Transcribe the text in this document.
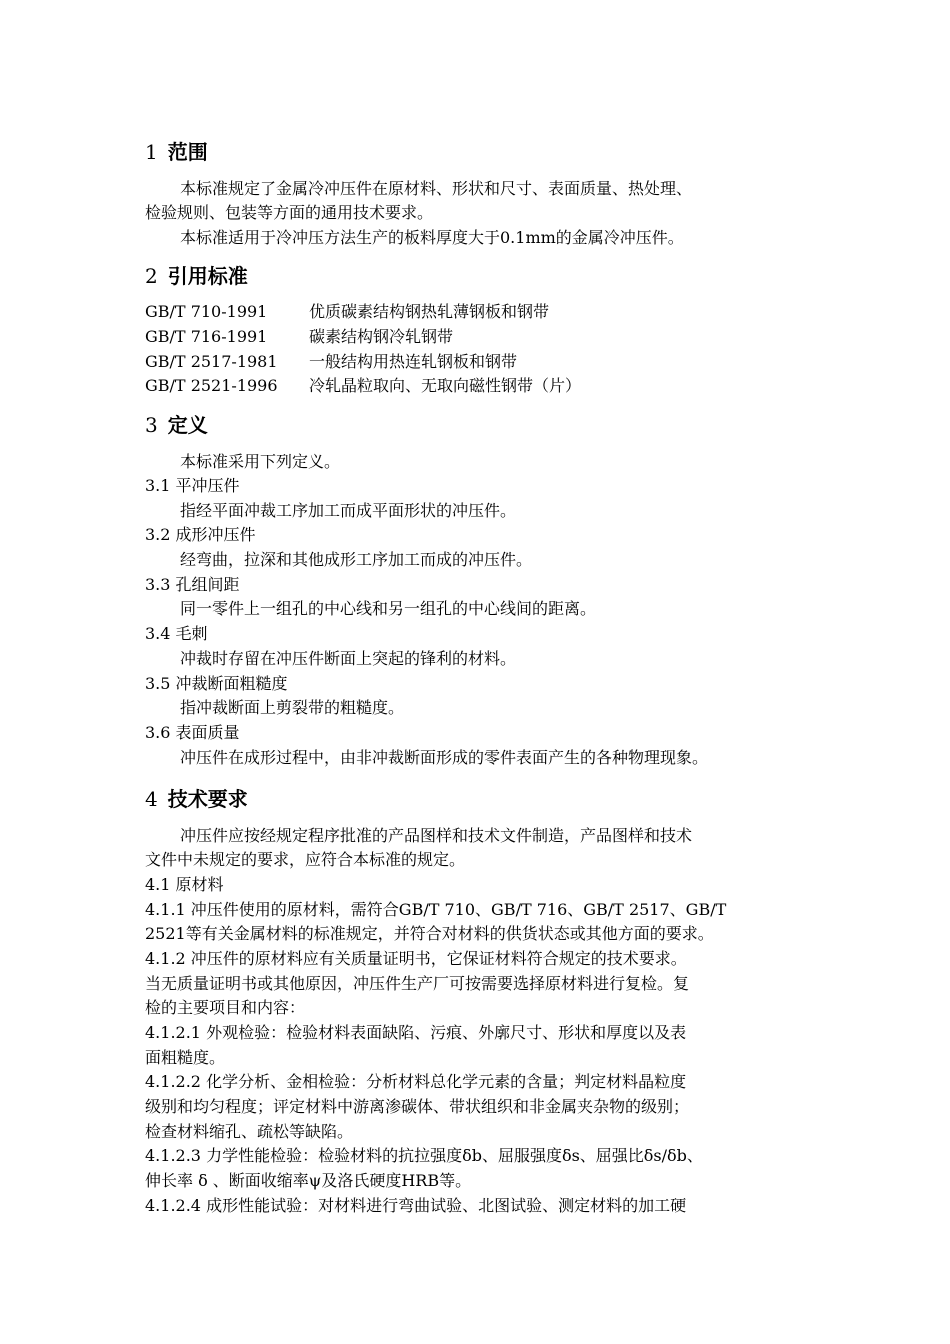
1 范围
本标准规定了金属冷冲压件在原材料、形状和尺寸、表面质量、热处理、
检验规则、包装等方面的通用技术要求。
本标准适用于冷冲压方法生产的板料厚度大于0.1mm的金属冷冲压件。
2 引用标准
GB/T 710-1991	优质碳素结构钢热轧薄钢板和钢带
GB/T 716-1991	碳素结构钢冷轧钢带
GB/T 2517-1981 一般结构用热连轧钢板和钢带
GB/T 2521-1996 冷轧晶粒取向、无取向磁性钢带（片）
3 定义
本标准采用下列定义。
3.1 平冲压件
指经平面冲裁工序加工而成平面形状的冲压件。
3.2 成形冲压件
经弯曲，拉深和其他成形工序加工而成的冲压件。
3.3 孔组间距
同一零件上一组孔的中心线和另一组孔的中心线间的距离。
3.4 毛刺
冲裁时存留在冲压件断面上突起的锋利的材料。
3.5 冲裁断面粗糙度
指冲裁断面上剪裂带的粗糙度。
3.6 表面质量
冲压件在成形过程中，由非冲裁断面形成的零件表面产生的各种物理现象。
4 技术要求
冲压件应按经规定程序批准的产品图样和技术文件制造，产品图样和技术
文件中未规定的要求，应符合本标准的规定。
4.1 原材料
4.1.1 冲压件使用的原材料，需符合GB/T 710、GB/T 716、GB/T 2517、GB/T
2521等有关金属材料的标准规定，并符合对材料的供货状态或其他方面的要求。
4.1.2 冲压件的原材料应有关质量证明书，它保证材料符合规定的技术要求。
当无质量证明书或其他原因，冲压件生产厂可按需要选择原材料进行复检。复
检的主要项目和内容：
4.1.2.1 外观检验：检验材料表面缺陷、污痕、外廓尺寸、形状和厚度以及表
面粗糙度。
4.1.2.2 化学分析、金相检验：分析材料总化学元素的含量；判定材料晶粒度
级别和均匀程度；评定材料中游离渗碳体、带状组织和非金属夹杂物的级别；
检查材料缩孔、疏松等缺陷。
4.1.2.3 力学性能检验：检验材料的抗拉强度δb、屈服强度δs、屈强比δs/δb、
伸长率 δ 、断面收缩率ψ及洛氏硬度HRB等。
4.1.2.4 成形性能试验：对材料进行弯曲试验、北图试验、测定材料的加工硬
